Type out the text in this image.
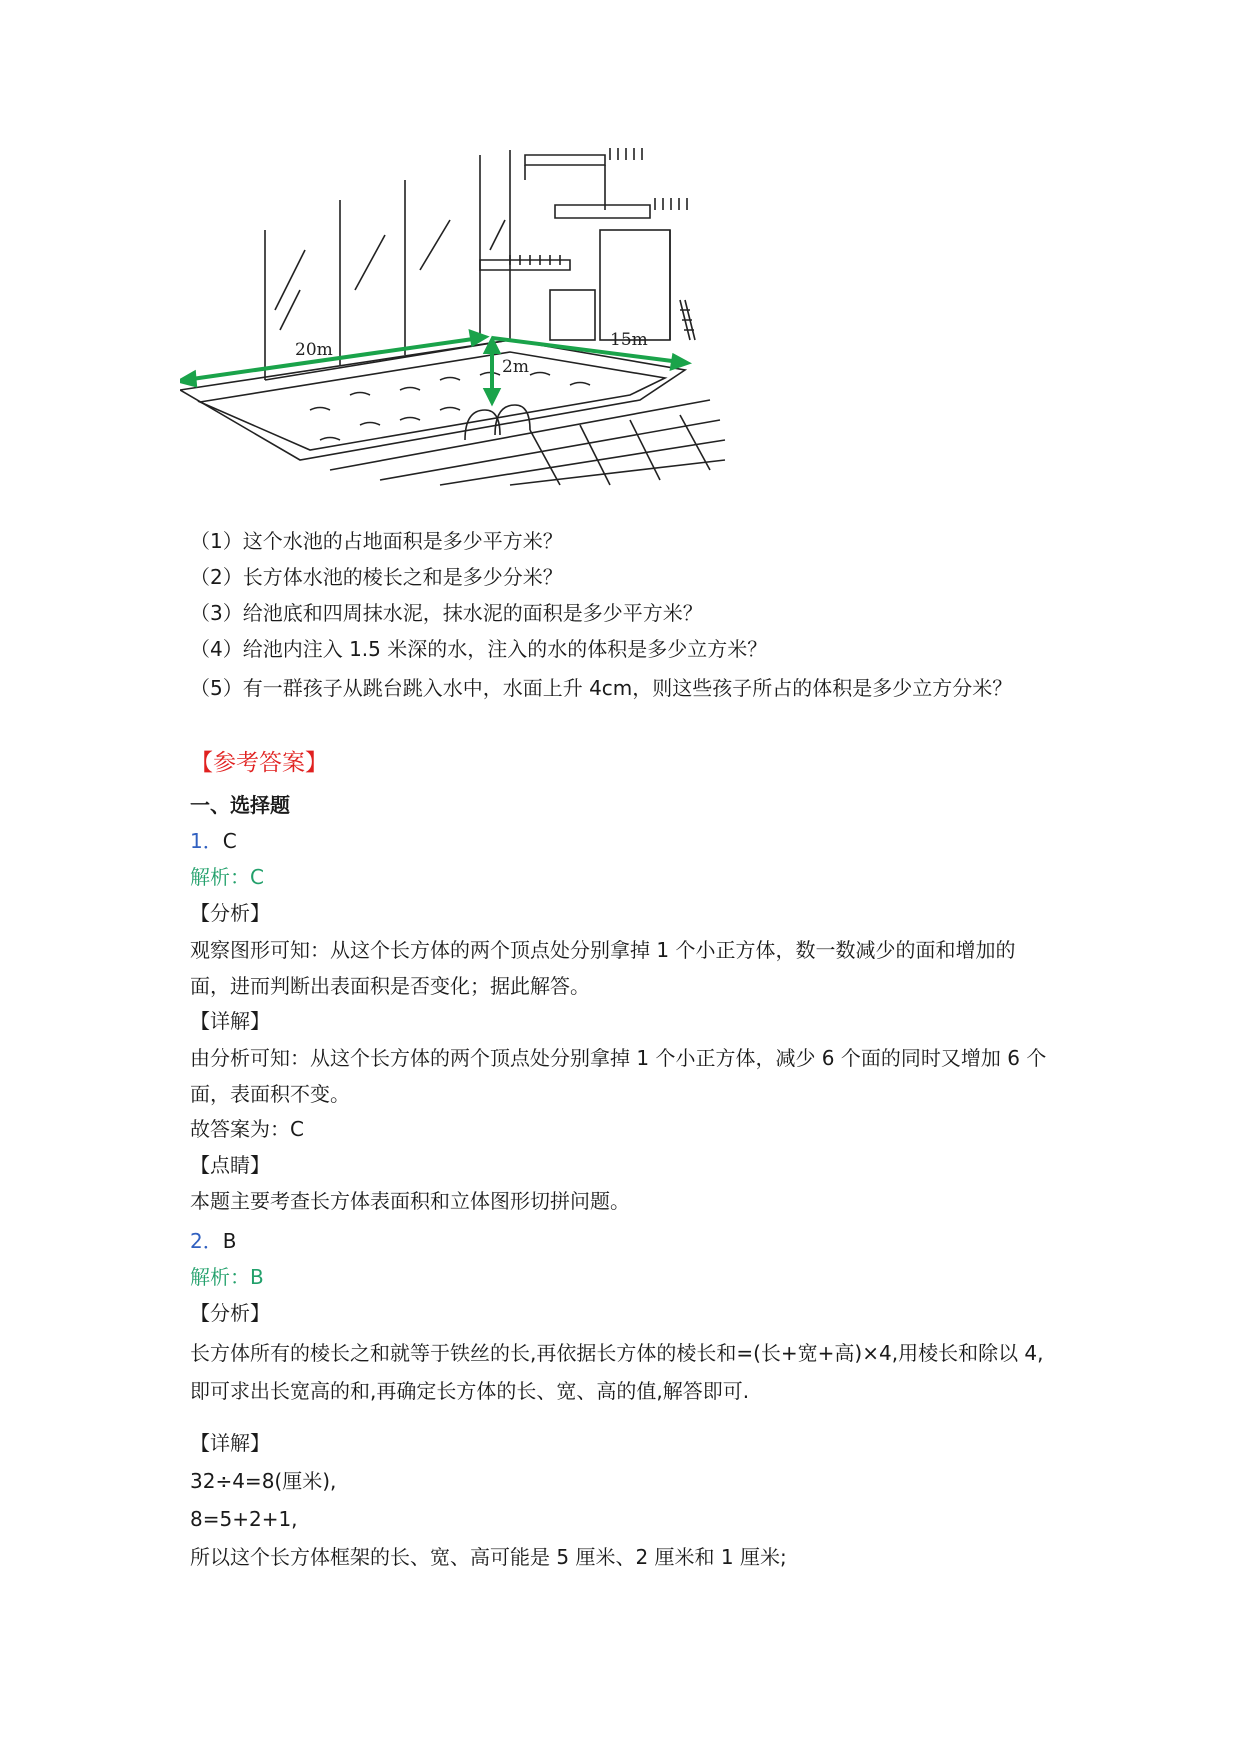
20m	15m
2m
（1）这个水池的占地面积是多少平方米？
（2）长方体水池的棱长之和是多少分米？
（3）给池底和四周抹水泥，抹水泥的面积是多少平方米？
（4）给池内注入 1.5 米深的水，注入的水的体积是多少立方米？
（5）有一群孩子从跳台跳入水中，水面上升 4cm，则这些孩子所占的体积是多少立方分米？
【参考答案】
一、选择题
1．C
解析：C
【分析】
观察图形可知：从这个长方体的两个顶点处分别拿掉 1 个小正方体，数一数减少的面和增加的面，进而判断出表面积是否变化；据此解答。
【详解】
由分析可知：从这个长方体的两个顶点处分别拿掉 1 个小正方体，减少 6 个面的同时又增加 6 个面，表面积不变。
故答案为：C
【点睛】
本题主要考查长方体表面积和立体图形切拼问题。
2．B
解析：B
【分析】
长方体所有的棱长之和就等于铁丝的长,再依据长方体的棱长和=(长+宽+高)×4,用棱长和除以 4,即可求出长宽高的和,再确定长方体的长、宽、高的值,解答即可.
【详解】
32÷4=8(厘米),
8=5+2+1,
所以这个长方体框架的长、宽、高可能是 5 厘米、2 厘米和 1 厘米;
